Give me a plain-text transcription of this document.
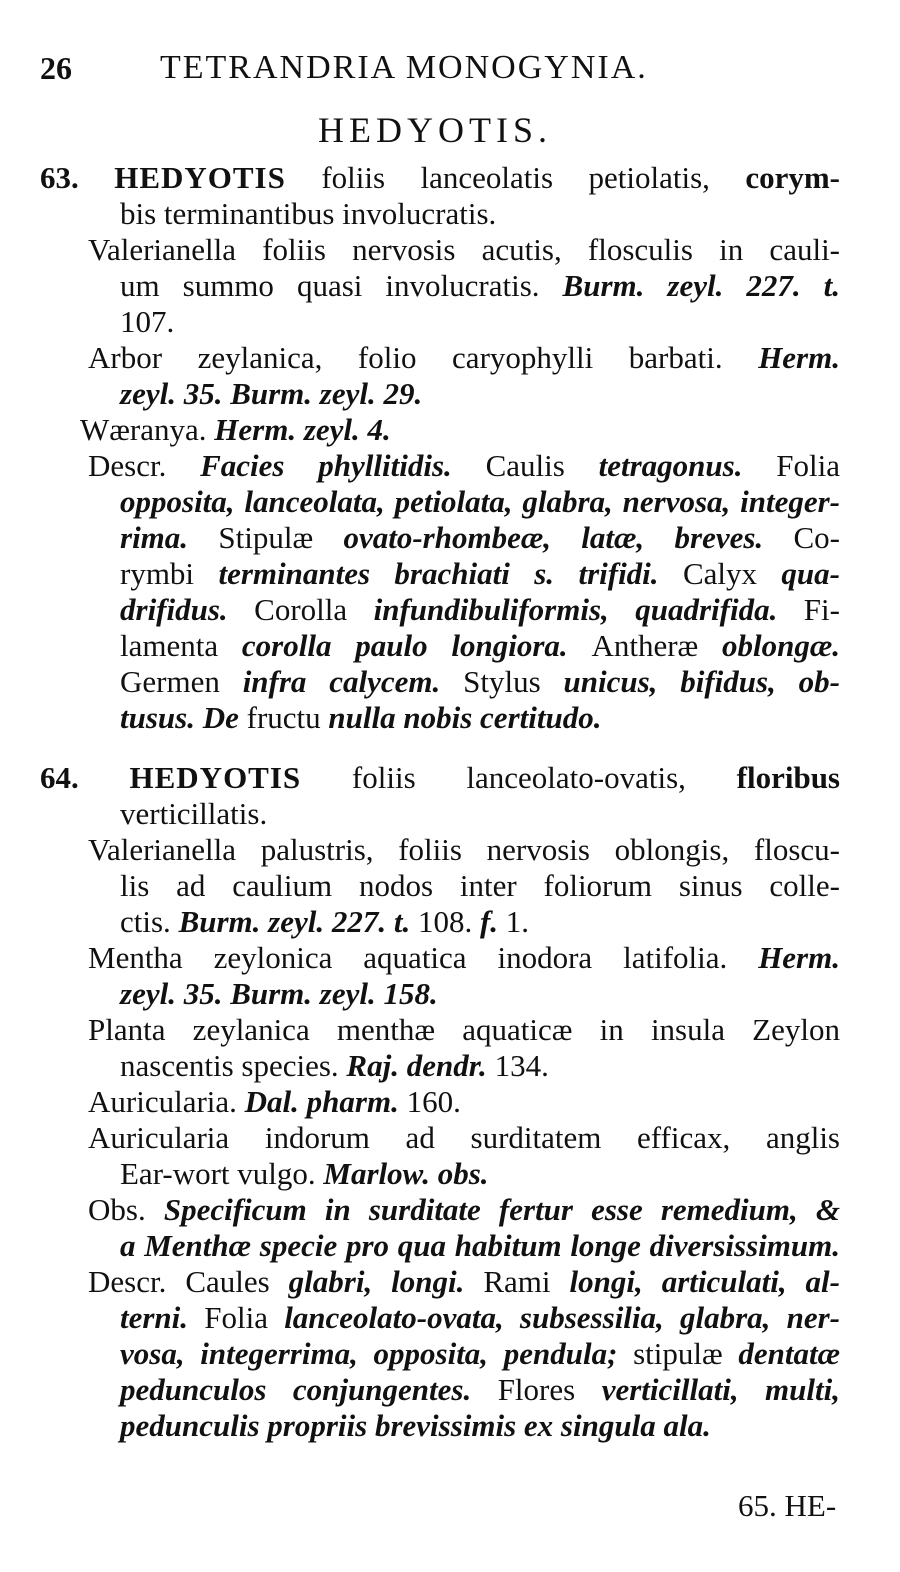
26	TETRANDRIA MONOGYNIA.
HEDYOTIS.
63. HEDYOTIS foliis lanceolatis petiolatis, corym-
bis terminantibus involucratis.
Valerianella foliis nervosis acutis, flosculis in cauli-
um summo quasi involucratis. Burm. zeyl. 227. t.
107.
Arbor zeylanica, folio caryophylli barbati. Herm.
zeyl. 35. Burm. zeyl. 29.
Wæranya. Herm. zeyl. 4.
Descr. Facies phyllitidis. Caulis tetragonus. Folia
opposita, lanceolata, petiolata, glabra, nervosa, integer-
rima. Stipulæ ovato-rhombeæ, latæ, breves. Co-
rymbi terminantes brachiati s. trifidi. Calyx qua-
drifidus. Corolla infundibuliformis, quadrifida. Fi-
lamenta corolla paulo longiora. Antheræ oblongæ.
Germen infra calycem. Stylus unicus, bifidus, ob-
tusus. De fructu nulla nobis certitudo.
64. HEDYOTIS foliis lanceolato-ovatis, floribus
verticillatis.
Valerianella palustris, foliis nervosis oblongis, floscu-
lis ad caulium nodos inter foliorum sinus colle-
ctis. Burm. zeyl. 227. t. 108. f. 1.
Mentha zeylonica aquatica inodora latifolia. Herm.
zeyl. 35. Burm. zeyl. 158.
Planta zeylanica menthæ aquaticæ in insula Zeylon
nascentis species. Raj. dendr. 134.
Auricularia. Dal. pharm. 160.
Auricularia indorum ad surditatem efficax, anglis
Ear-wort vulgo. Marlow. obs.
Obs. Specificum in surditate fertur esse remedium, &
a Menthæ specie pro qua habitum longe diversissimum.
Descr. Caules glabri, longi. Rami longi, articulati, al-
terni. Folia lanceolato-ovata, subsessilia, glabra, ner-
vosa, integerrima, opposita, pendula; stipulæ dentatæ
pedunculos conjungentes. Flores verticillati, multi,
pedunculis propriis brevissimis ex singula ala.
65. HE-
